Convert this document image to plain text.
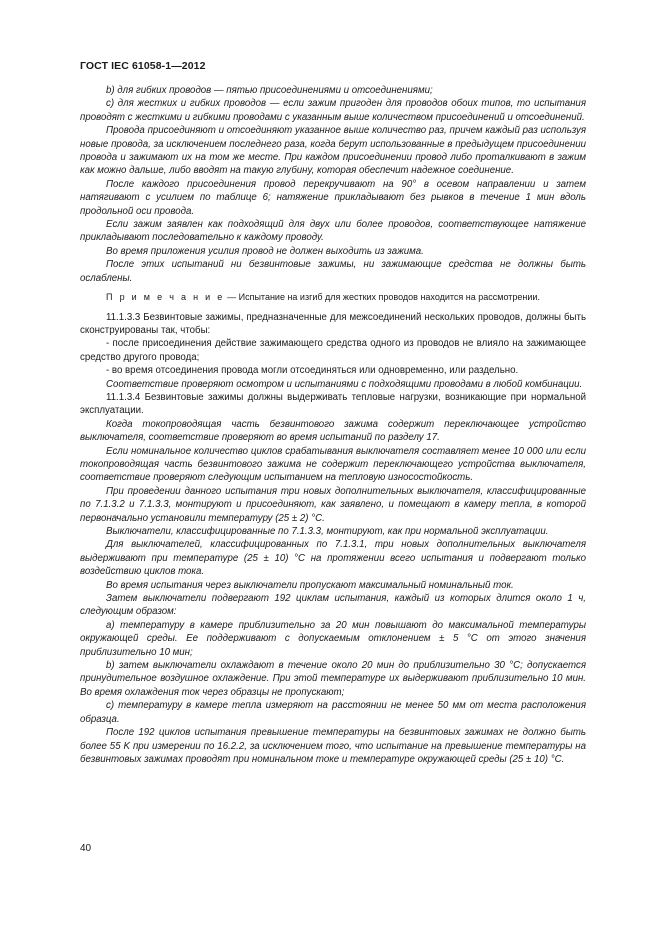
ГОСТ IEC 61058-1—2012

b) для гибких проводов — пятью присоединениями и отсоединениями;

c) для жестких и гибких проводов — если зажим пригоден для проводов обоих типов, то испытания проводят с жесткими и гибкими проводами с указанным выше количеством присоединений и отсоединений.

Провода присоединяют и отсоединяют указанное выше количество раз, причем каждый раз используя новые провода, за исключением последнего раза, когда берут использованные в предыдущем присоединении провода и зажимают их на том же месте. При каждом присоединении провод либо проталкивают в зажим как можно дальше, либо вводят на такую глубину, которая обеспечит надежное соединение.

После каждого присоединения провод перекручивают на 90° в осевом направлении и затем натягивают с усилием по таблице 6; натяжение прикладывают без рывков в течение 1 мин вдоль продольной оси провода.

Если зажим заявлен как подходящий для двух или более проводов, соответствующее натяжение прикладывают последовательно к каждому проводу.

Во время приложения усилия провод не должен выходить из зажима.

После этих испытаний ни безвинтовые зажимы, ни зажимающие средства не должны быть ослаблены.

П р и м е ч а н и е — Испытание на изгиб для жестких проводов находится на рассмотрении.

11.1.3.3 Безвинтовые зажимы, предназначенные для межсоединений нескольких проводов, должны быть сконструированы так, чтобы:

- после присоединения действие зажимающего средства одного из проводов не влияло на зажимающее средство другого провода;

- во время отсоединения провода могли отсоединяться или одновременно, или раздельно.

Соответствие проверяют осмотром и испытаниями с подходящими проводами в любой комбинации.

11.1.3.4 Безвинтовые зажимы должны выдерживать тепловые нагрузки, возникающие при нормальной эксплуатации.

Когда токопроводящая часть безвинтового зажима содержит переключающее устройство выключателя, соответствие проверяют во время испытаний по разделу 17.

Если номинальное количество циклов срабатывания выключателя составляет менее 10 000 или если токопроводящая часть безвинтового зажима не содержит переключающего устройства выключателя, соответствие проверяют следующим испытанием на тепловую износостойкость.

При проведении данного испытания три новых дополнительных выключателя, классифицированные по 7.1.3.2 и 7.1.3.3, монтируют и присоединяют, как заявлено, и помещают в камеру тепла, в которой первоначально установили температуру (25 ± 2) °C.

Выключатели, классифицированные по 7.1.3.3, монтируют, как при нормальной эксплуатации.

Для выключателей, классифицированных по 7.1.3.1, три новых дополнительных выключателя выдерживают при температуре (25 ± 10) °C на протяжении всего испытания и подвергают только воздействию циклов тока.

Во время испытания через выключатели пропускают максимальный номинальный ток.

Затем выключатели подвергают 192 циклам испытания, каждый из которых длится около 1 ч, следующим образом:

a) температуру в камере приблизительно за 20 мин повышают до максимальной температуры окружающей среды. Ее поддерживают с допускаемым отклонением ± 5 °C от этого значения приблизительно 10 мин;

b) затем выключатели охлаждают в течение около 20 мин до приблизительно 30 °C; допускается принудительное воздушное охлаждение. При этой температуре их выдерживают приблизительно 10 мин. Во время охлаждения ток через образцы не пропускают;

c) температуру в камере тепла измеряют на расстоянии не менее 50 мм от места расположения образца.

После 192 циклов испытания превышение температуры на безвинтовых зажимах не должно быть более 55 K при измерении по 16.2.2, за исключением того, что испытание на превышение температуры на безвинтовых зажимах проводят при номинальном токе и температуре окружающей среды (25 ± 10) °C.

40
